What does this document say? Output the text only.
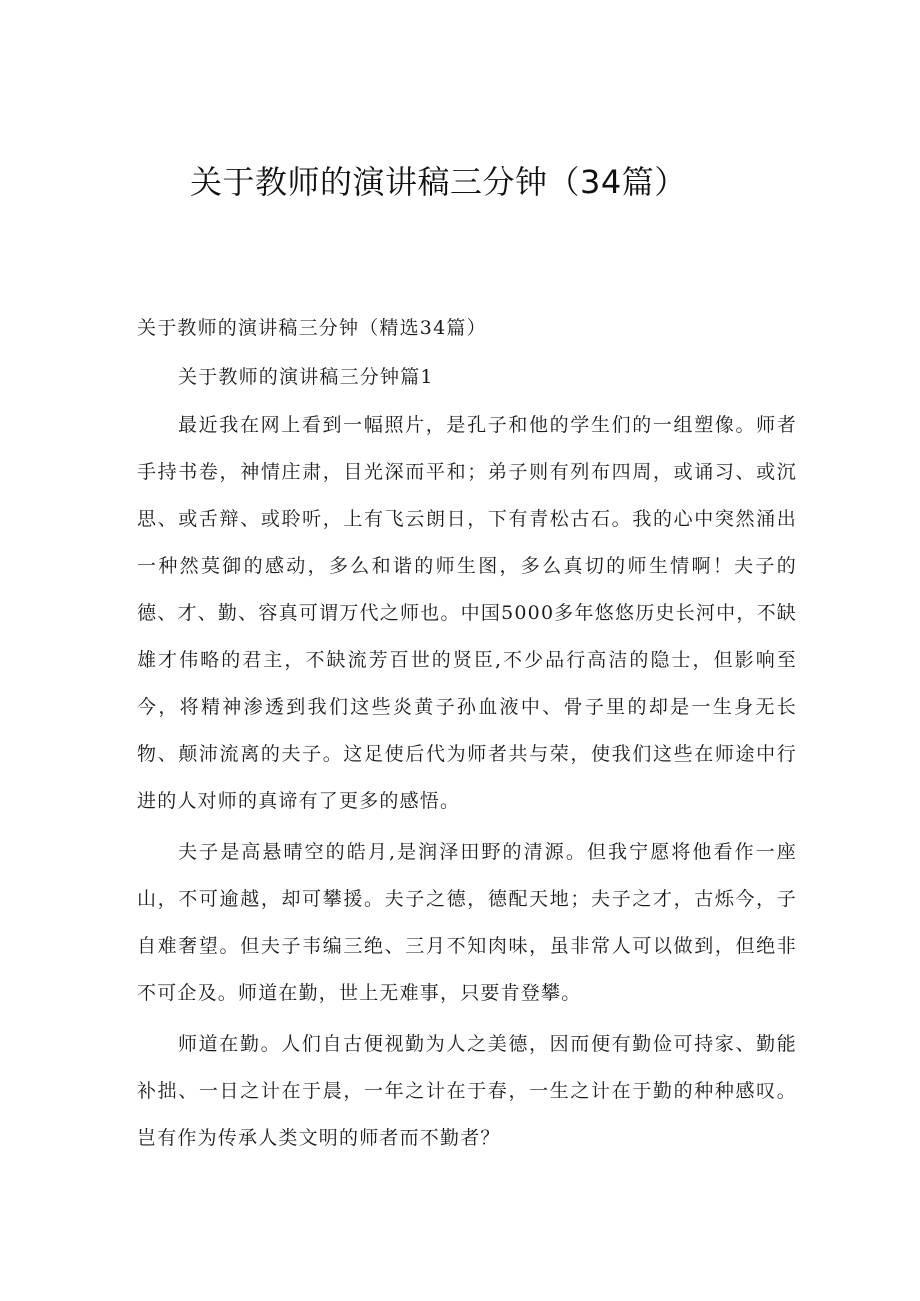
关于教师的演讲稿三分钟（34篇）

关于教师的演讲稿三分钟（精选34篇）

关于教师的演讲稿三分钟篇1

最近我在网上看到一幅照片，是孔子和他的学生们的一组塑像。师者手持书卷，神情庄肃，目光深而平和；弟子则有列布四周，或诵习、或沉思、或舌辩、或聆听，上有飞云朗日，下有青松古石。我的心中突然涌出一种然莫御的感动，多么和谐的师生图，多么真切的师生情啊！夫子的德、才、勤、容真可谓万代之师也。中国5000多年悠悠历史长河中，不缺雄才伟略的君主，不缺流芳百世的贤臣,不少品行高洁的隐士，但影响至今，将精神渗透到我们这些炎黄子孙血液中、骨子里的却是一生身无长物、颠沛流离的夫子。这足使后代为师者共与荣，使我们这些在师途中行进的人对师的真谛有了更多的感悟。

夫子是高悬晴空的皓月,是润泽田野的清源。但我宁愿将他看作一座山，不可逾越，却可攀援。夫子之德，德配天地；夫子之才，古烁今，子自难奢望。但夫子韦编三绝、三月不知肉味，虽非常人可以做到，但绝非不可企及。师道在勤，世上无难事，只要肯登攀。

师道在勤。人们自古便视勤为人之美德，因而便有勤俭可持家、勤能补拙、一日之计在于晨，一年之计在于春，一生之计在于勤的种种感叹。岂有作为传承人类文明的师者而不勤者？
